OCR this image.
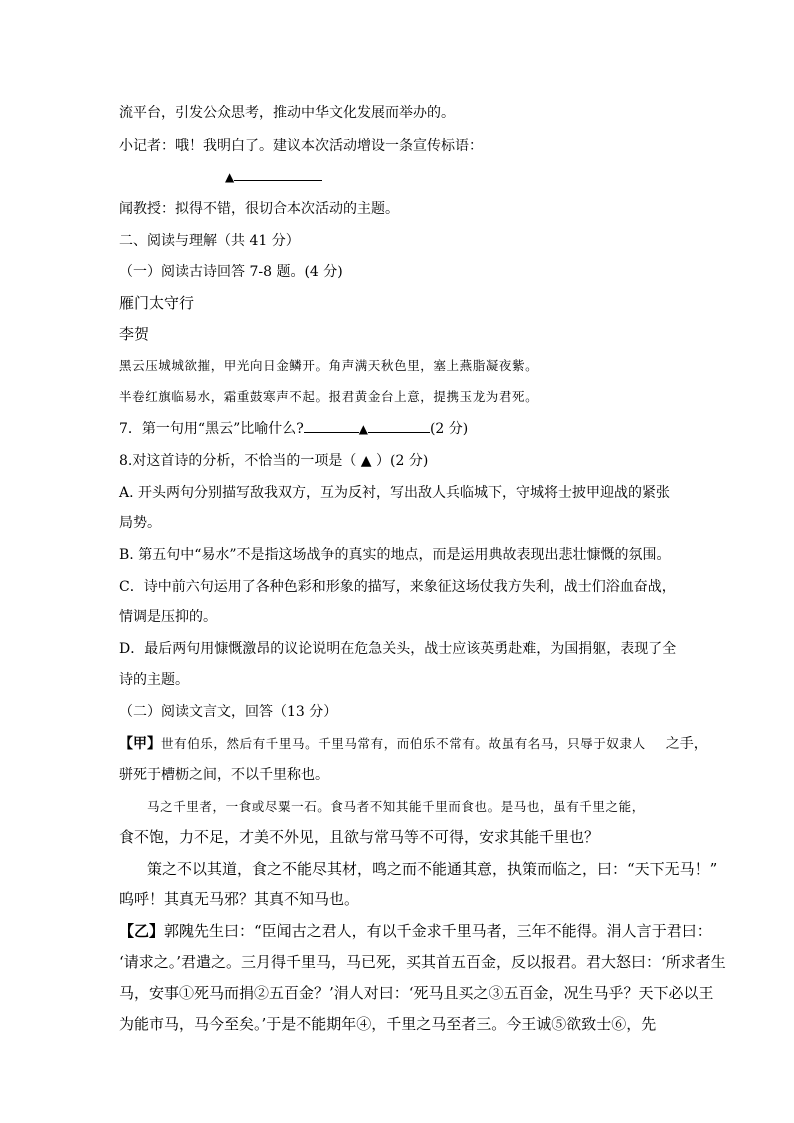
流平台，引发公众思考，推动中华文化发展而举办的。
小记者：哦！我明白了。建议本次活动增设一条宣传标语：
▲
闻教授：拟得不错，很切合本次活动的主题。
二、阅读与理解（共 41 分）
（一）阅读古诗回答 7-8 题。(4 分)
雁门太守行
李贺
黑云压城城欲摧，甲光向日金鳞开。角声满天秋色里，塞上燕脂凝夜紫。
半卷红旗临易水，霜重鼓寒声不起。报君黄金台上意，提携玉龙为君死。
7．第一句用“黑云”比喻什么?	▲	(2 分)
8.对这首诗的分析，不恰当的一项是（ ▲ ）(2 分)
A. 开头两句分别描写敌我双方，互为反衬，写出敌人兵临城下，守城将士披甲迎战的紧张
局势。
B. 第五句中“易水”不是指这场战争的真实的地点，而是运用典故表现出悲壮慷慨的氛围。
C．诗中前六句运用了各种色彩和形象的描写，来象征这场仗我方失利，战士们浴血奋战，
情调是压抑的。
D．最后两句用慷慨激昂的议论说明在危急关头，战士应该英勇赴难，为国捐躯，表现了全
诗的主题。
（二）阅读文言文，回答（13 分）
【甲】世有伯乐，然后有千里马。千里马常有，而伯乐不常有。故虽有名马，只辱于奴隶人 之手，
骈死于槽枥之间，不以千里称也。
马之千里者，一食或尽粟一石。食马者不知其能千里而食也。是马也，虽有千里之能，
食不饱，力不足，才美不外见，且欲与常马等不可得，安求其能千里也？
策之不以其道，食之不能尽其材，鸣之而不能通其意，执策而临之，曰：“天下无马！”
呜呼！其真无马邪？其真不知马也。
【乙】郭隗先生曰：“臣闻古之君人，有以千金求千里马者，三年不能得。涓人言于君曰：
‘请求之。’君遣之。三月得千里马，马已死，买其首五百金，反以报君。君大怒曰：‘所求者生
马，安事①死马而捐②五百金？’涓人对曰：‘死马且买之③五百金，况生马乎？天下必以王
为能市马，马今至矣。’于是不能期年④，千里之马至者三。今王诚⑤欲致士⑥，先
